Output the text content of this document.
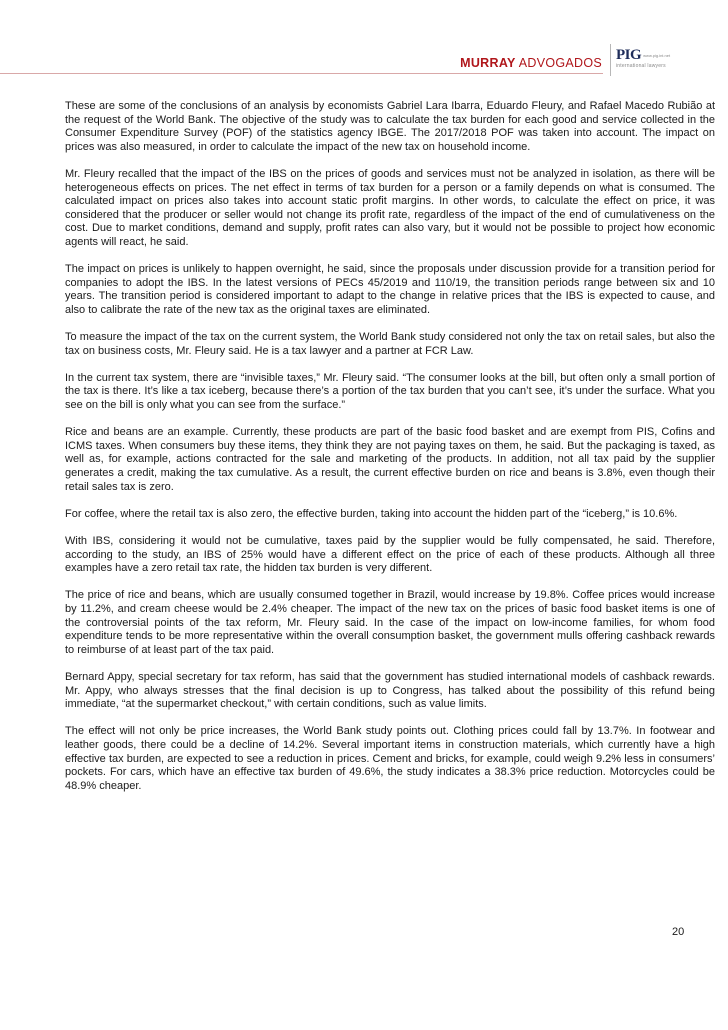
MURRAY ADVOGADOS PIG www.pig.int.net
international lawyers

These are some of the conclusions of an analysis by economists Gabriel Lara Ibarra, Eduardo Fleury, and Rafael Macedo Rubião at the request of the World Bank. The objective of the study was to calculate the tax burden for each good and service collected in the Consumer Expenditure Survey (POF) of the statistics agency IBGE. The 2017/2018 POF was taken into account. The impact on prices was also measured, in order to calculate the impact of the new tax on household income.

Mr. Fleury recalled that the impact of the IBS on the prices of goods and services must not be analyzed in isolation, as there will be heterogeneous effects on prices. The net effect in terms of tax burden for a person or a family depends on what is consumed. The calculated impact on prices also takes into account static profit margins. In other words, to calculate the effect on price, it was considered that the producer or seller would not change its profit rate, regardless of the impact of the end of cumulativeness on the cost. Due to market conditions, demand and supply, profit rates can also vary, but it would not be possible to project how economic agents will react, he said.

The impact on prices is unlikely to happen overnight, he said, since the proposals under discussion provide for a transition period for companies to adopt the IBS. In the latest versions of PECs 45/2019 and 110/19, the transition periods range between six and 10 years. The transition period is considered important to adapt to the change in relative prices that the IBS is expected to cause, and also to calibrate the rate of the new tax as the original taxes are eliminated.

To measure the impact of the tax on the current system, the World Bank study considered not only the tax on retail sales, but also the tax on business costs, Mr. Fleury said. He is a tax lawyer and a partner at FCR Law.

In the current tax system, there are “invisible taxes,” Mr. Fleury said. “The consumer looks at the bill, but often only a small portion of the tax is there. It’s like a tax iceberg, because there’s a portion of the tax burden that you can’t see, it’s under the surface. What you see on the bill is only what you can see from the surface.”

Rice and beans are an example. Currently, these products are part of the basic food basket and are exempt from PIS, Cofins and ICMS taxes. When consumers buy these items, they think they are not paying taxes on them, he said. But the packaging is taxed, as well as, for example, actions contracted for the sale and marketing of the products. In addition, not all tax paid by the supplier generates a credit, making the tax cumulative. As a result, the current effective burden on rice and beans is 3.8%, even though their retail sales tax is zero.

For coffee, where the retail tax is also zero, the effective burden, taking into account the hidden part of the “iceberg,” is 10.6%.

With IBS, considering it would not be cumulative, taxes paid by the supplier would be fully compensated, he said. Therefore, according to the study, an IBS of 25% would have a different effect on the price of each of these products. Although all three examples have a zero retail tax rate, the hidden tax burden is very different.

The price of rice and beans, which are usually consumed together in Brazil, would increase by 19.8%. Coffee prices would increase by 11.2%, and cream cheese would be 2.4% cheaper. The impact of the new tax on the prices of basic food basket items is one of the controversial points of the tax reform, Mr. Fleury said. In the case of the impact on low-income families, for whom food expenditure tends to be more representative within the overall consumption basket, the government mulls offering cashback rewards to reimburse of at least part of the tax paid.

Bernard Appy, special secretary for tax reform, has said that the government has studied international models of cashback rewards. Mr. Appy, who always stresses that the final decision is up to Congress, has talked about the possibility of this refund being immediate, “at the supermarket checkout,” with certain conditions, such as value limits.

The effect will not only be price increases, the World Bank study points out. Clothing prices could fall by 13.7%. In footwear and leather goods, there could be a decline of 14.2%. Several important items in construction materials, which currently have a high effective tax burden, are expected to see a reduction in prices. Cement and bricks, for example, could weigh 9.2% less in consumers’ pockets. For cars, which have an effective tax burden of 49.6%, the study indicates a 38.3% price reduction. Motorcycles could be 48.9% cheaper.

20
